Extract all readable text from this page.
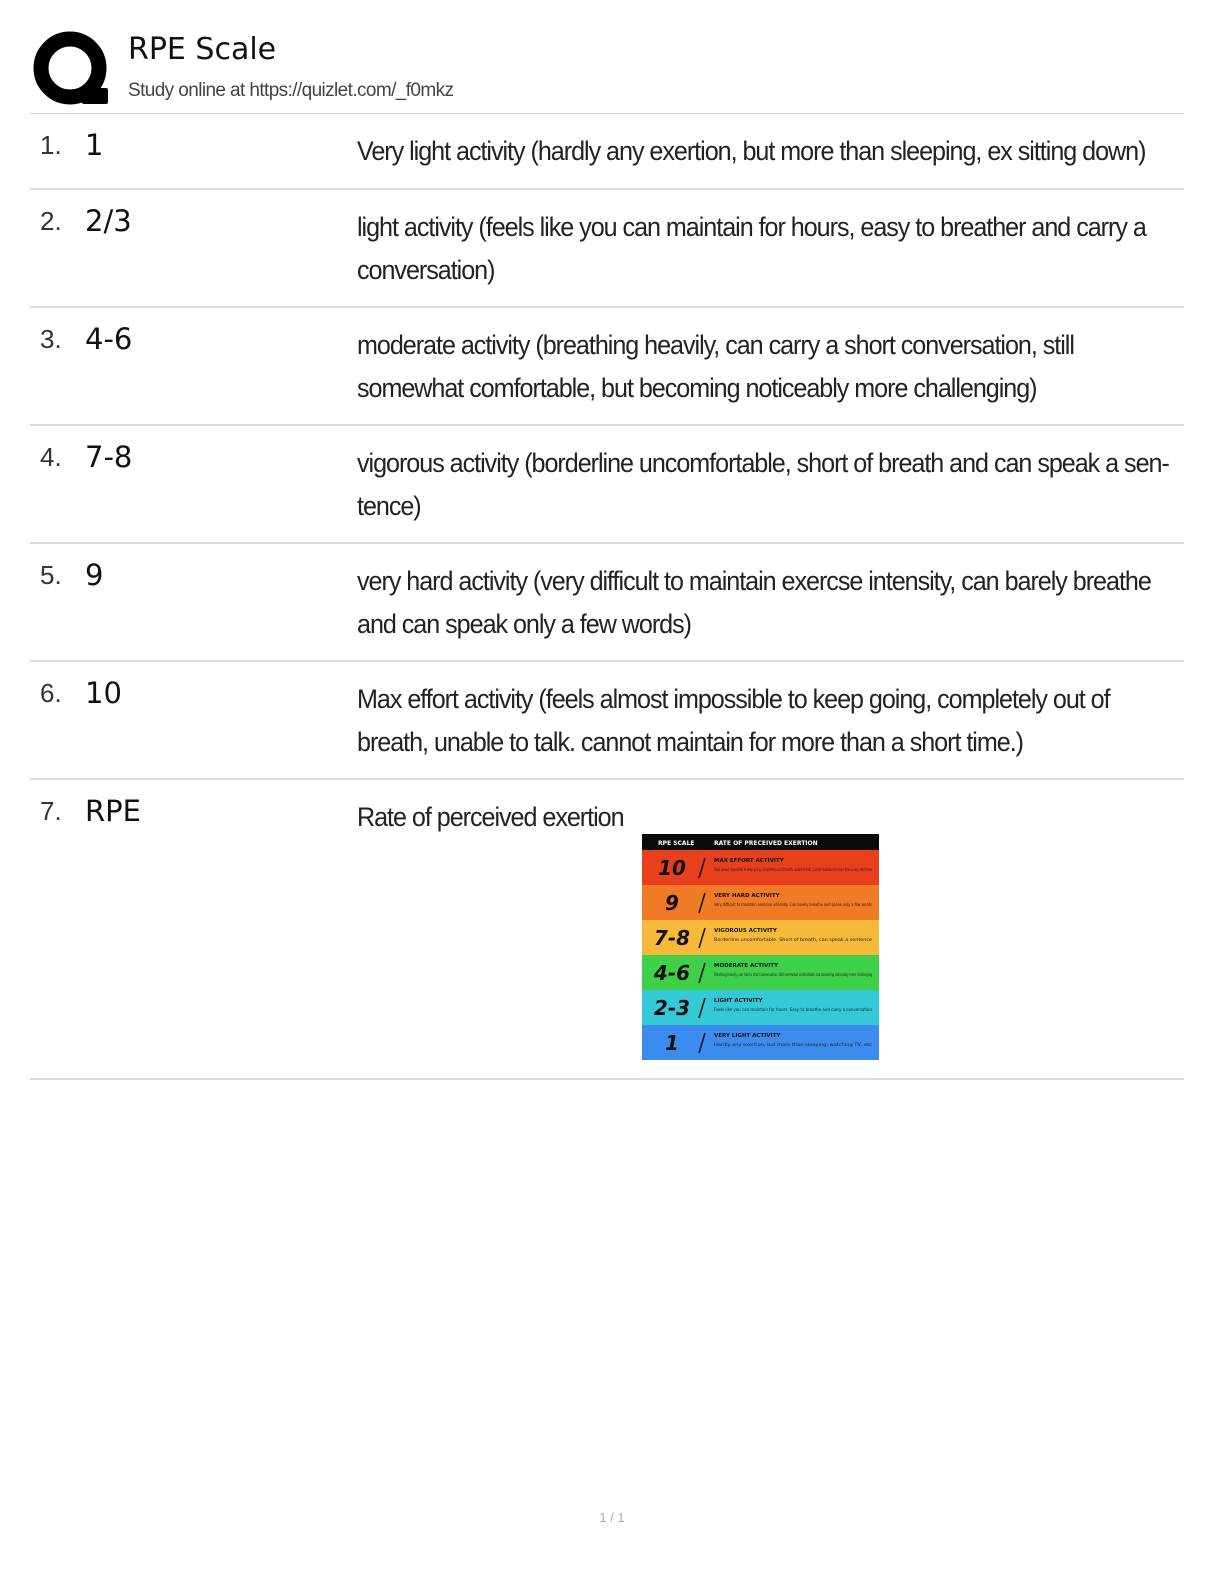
RPE Scale
Study online at https://quizlet.com/_f0mkz
1. 1	Very light activity (hardly any exertion, but more than sleeping, ex sitting down)
2. 2/3	light activity (feels like you can maintain for hours, easy to breather and carry a conversation)
3. 4-6	moderate activity (breathing heavily, can carry a short conversation, still somewhat comfortable, but becoming noticeably more challenging)
4. 7-8	vigorous activity (borderline uncomfortable, short of breath and can speak a sen-tence)
5. 9	very hard activity (very difficult to maintain exercse intensity, can barely breathe and can speak only a few words)
6. 10	Max effort activity (feels almost impossible to keep going, completely out of breath, unable to talk. cannot maintain for more than a short time.)
7. RPE	Rate of perceived exertion
RPE SCALE	RATE OF PRECEIVED EXERTION
10	MAX EFFORT ACTIVITY
Feels almost impossible to keep going. Completely out of breath, unable to talk. Cannot maintain for more than a very short time
9	VERY HARD ACTIVITY
Very difficult to maintain exercise intensity. Can barely breathe and speak only a few words
7-8	VIGOROUS ACTIVITY
Borderline uncomfortable. Short of breath, can speak a sentence
4-6	MODERATE ACTIVITY
Breathing heavily, can hold a short conversation. Still somewhat comfortable, but becoming noticeably more challenging
2-3	LIGHT ACTIVITY
Feels like you can maintain for hours. Easy to breathe and carry a conversation
1	VERY LIGHT ACTIVITY
Hardly any exertion, but more than sleeping, watching TV, etc
1 / 1
